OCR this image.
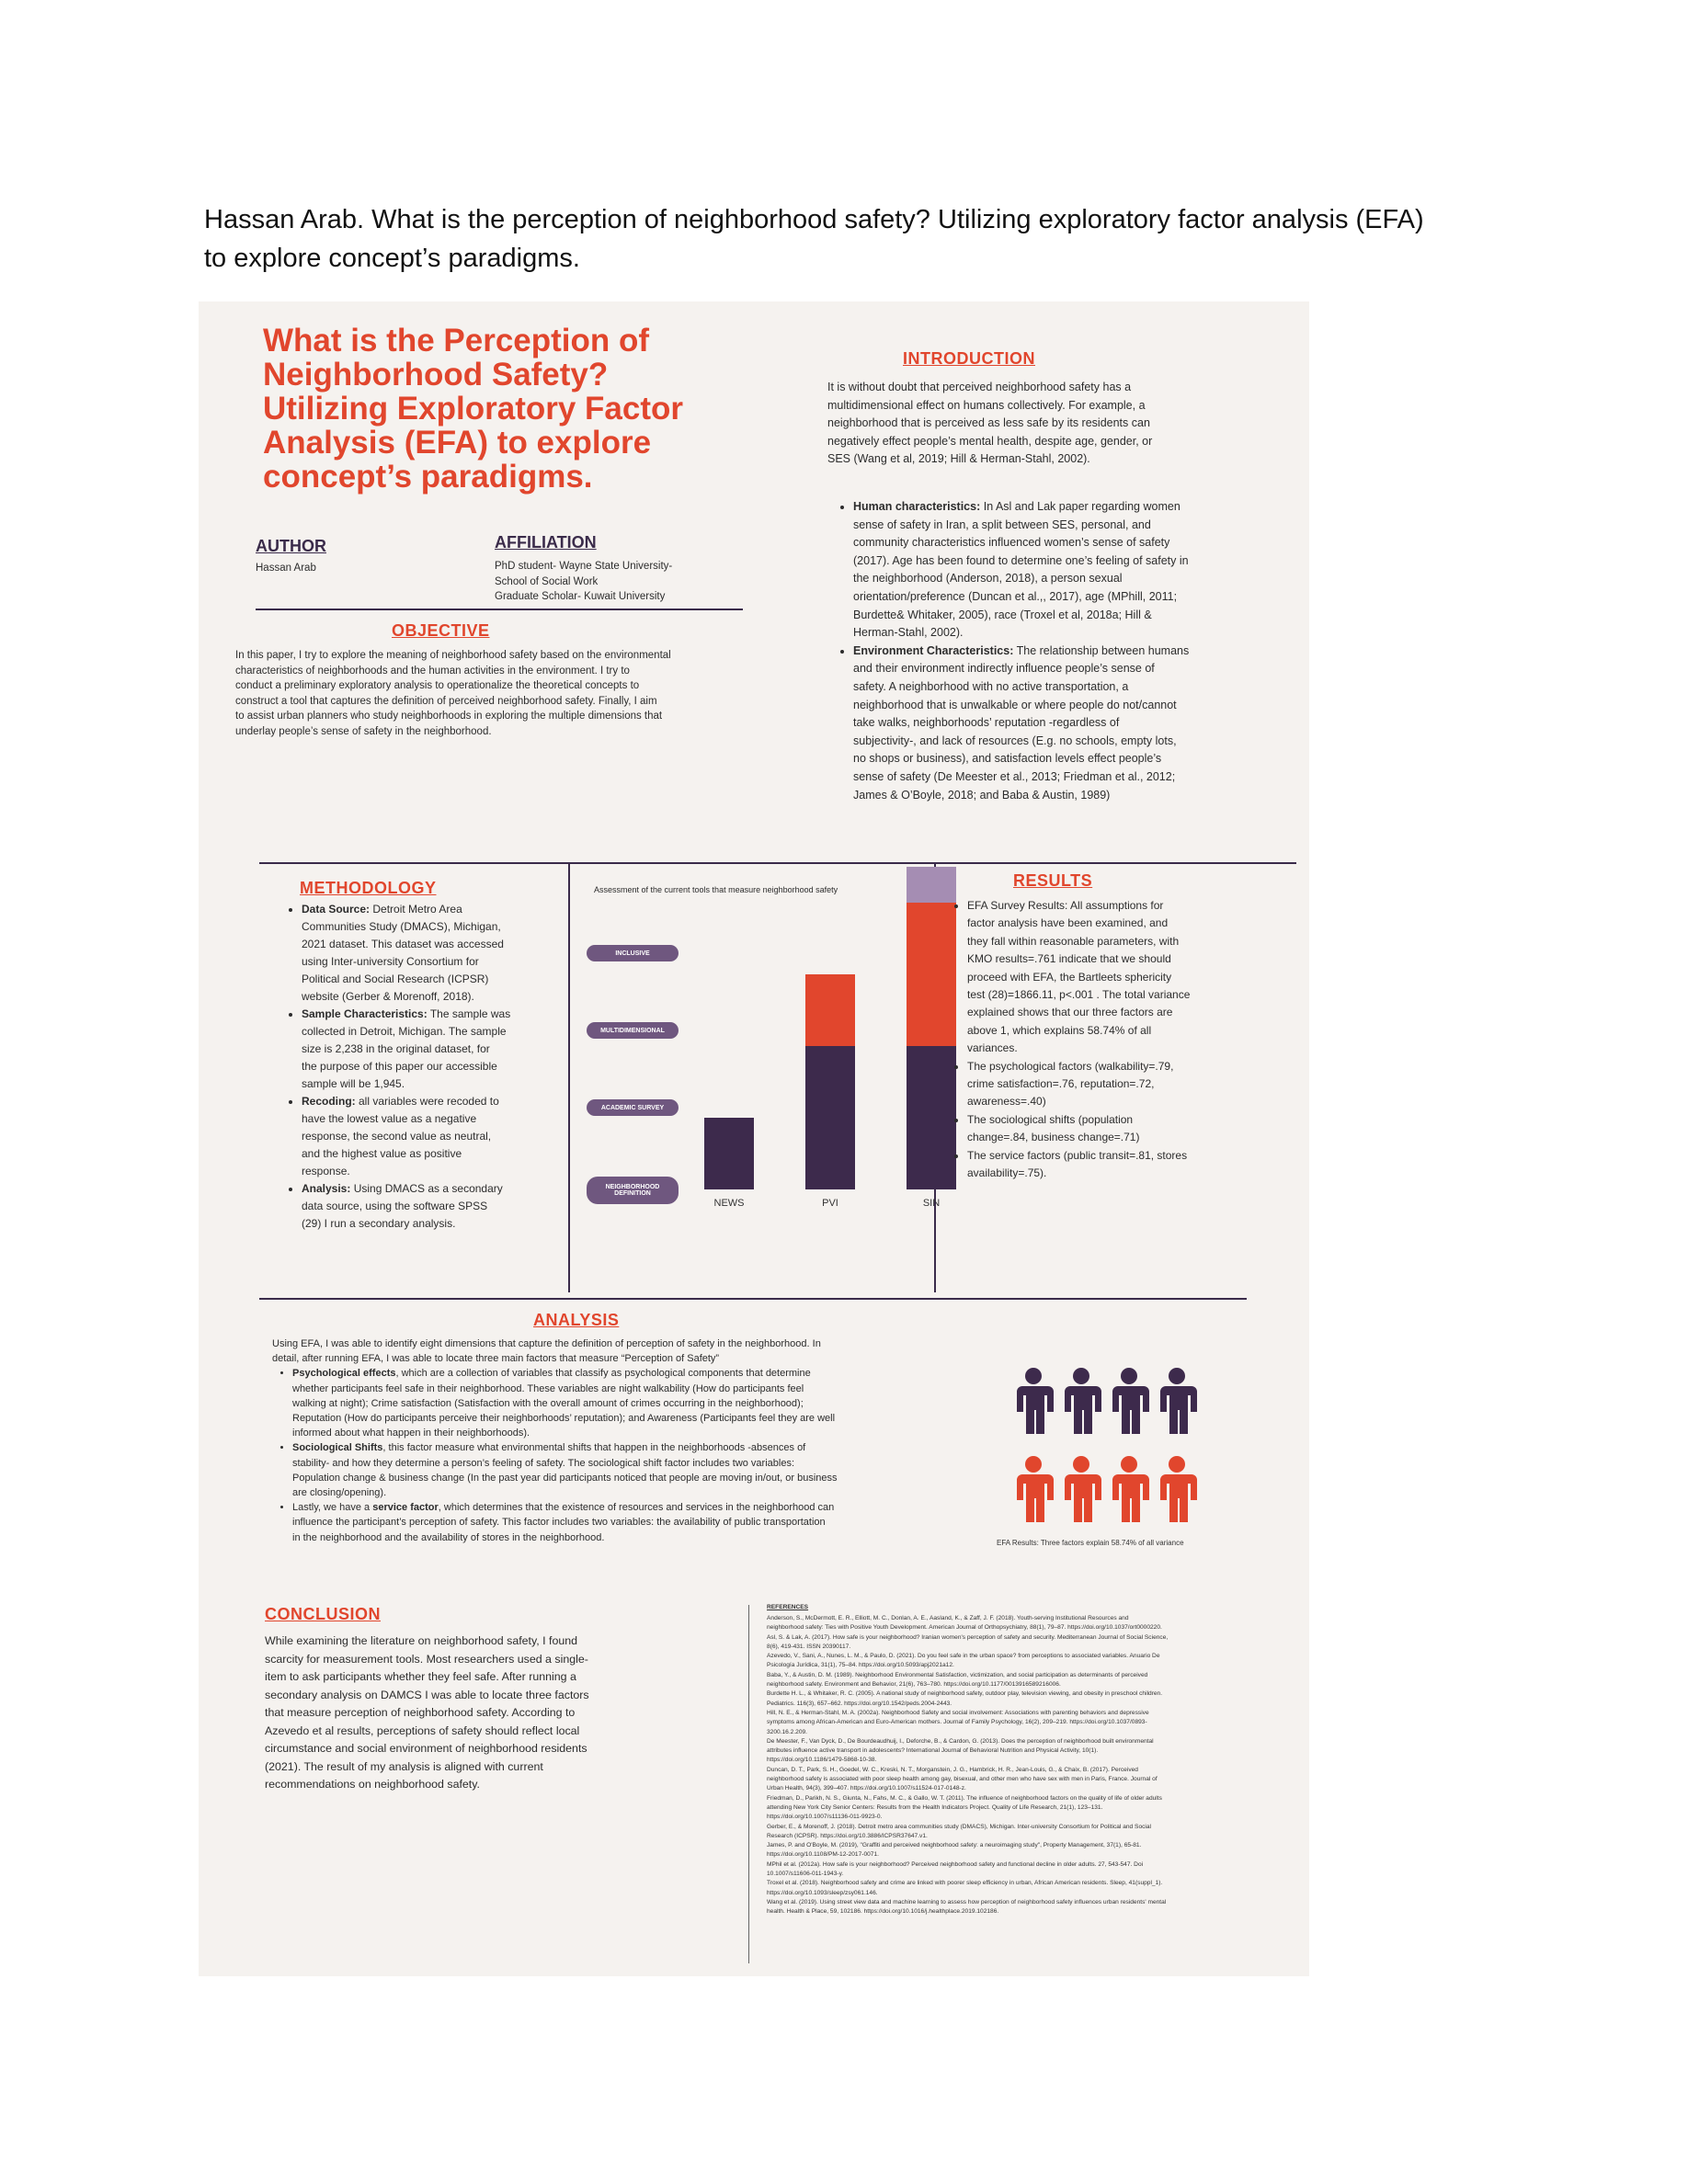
Hassan Arab. What is the perception of neighborhood safety? Utilizing exploratory factor analysis (EFA)
to explore concept’s paradigms.
What is the Perception of
Neighborhood Safety?
Utilizing Exploratory Factor
Analysis (EFA) to explore
concept’s paradigms.
AUTHOR
Hassan Arab
AFFILIATION
PhD student- Wayne State University-
School of Social Work
Graduate Scholar- Kuwait University
OBJECTIVE
In this paper, I try to explore the meaning of neighborhood safety based on the environmental
characteristics of neighborhoods and the human activities in the environment. I try to
conduct a preliminary exploratory analysis to operationalize the theoretical concepts to
construct a tool that captures the definition of perceived neighborhood safety. Finally, I aim
to assist urban planners who study neighborhoods in exploring the multiple dimensions that
underlay people’s sense of safety in the neighborhood.
INTRODUCTION
It is without doubt that perceived neighborhood safety has a
multidimensional effect on humans collectively. For example, a
neighborhood that is perceived as less safe by its residents can
negatively effect people’s mental health, despite age, gender, or
SES (Wang et al, 2019; Hill & Herman-Stahl, 2002).
• Human characteristics: In Asl and Lak paper regarding women
sense of safety in Iran, a split between SES, personal, and
community characteristics influenced women’s sense of safety
(2017). Age has been found to determine one’s feeling of safety in
the neighborhood (Anderson, 2018), a person sexual
orientation/preference (Duncan et al.,, 2017), age (MPhill, 2011;
Burdette& Whitaker, 2005), race (Troxel et al, 2018a; Hill &
Herman-Stahl, 2002).
• Environment Characteristics: The relationship between humans
and their environment indirectly influence people’s sense of
safety. A neighborhood with no active transportation, a
neighborhood that is unwalkable or where people do not/cannot
take walks, neighborhoods’ reputation -regardless of
subjectivity-, and lack of resources (E.g. no schools, empty lots,
no shops or business), and satisfaction levels effect people’s
sense of safety (De Meester et al., 2013; Friedman et al., 2012;
James & O’Boyle, 2018; and Baba & Austin, 1989)
METHODOLOGY
• Data Source: Detroit Metro Area
Communities Study (DMACS), Michigan,
2021 dataset. This dataset was accessed
using Inter-university Consortium for
Political and Social Research (ICPSR)
website (Gerber & Morenoff, 2018).
• Sample Characteristics: The sample was
collected in Detroit, Michigan. The sample
size is 2,238 in the original dataset, for
the purpose of this paper our accessible
sample will be 1,945.
• Recoding: all variables were recoded to
have the lowest value as a negative
response, the second value as neutral,
and the highest value as positive
response.
• Analysis: Using DMACS as a secondary
data source, using the software SPSS
(29) I run a secondary analysis.
Assessment of the current tools that measure neighborhood safety
NEIGHBORHOOD DEFINITION
ACADEMIC SURVEY
MULTIDIMENSIONAL
INCLUSIVE
NEWS	PVI	SIN
RESULTS
• EFA Survey Results: All assumptions for
factor analysis have been examined, and
they fall within reasonable parameters, with
KMO results=.761 indicate that we should
proceed with EFA, the Bartleets sphericity
test (28)=1866.11, p<.001 . The total variance
explained shows that our three factors are
above 1, which explains 58.74% of all
variances.
• The psychological factors (walkability=.79,
crime satisfaction=.76, reputation=.72,
awareness=.40)
• The sociological shifts (population
change=.84, business change=.71)
• The service factors (public transit=.81, stores
availability=.75).
ANALYSIS
Using EFA, I was able to identify eight dimensions that capture the definition of perception of safety in the neighborhood. In
detail, after running EFA, I was able to locate three main factors that measure “Perception of Safety”
• Psychological effects, which are a collection of variables that classify as psychological components that determine
whether participants feel safe in their neighborhood. These variables are night walkability (How do participants feel
walking at night); Crime satisfaction (Satisfaction with the overall amount of crimes occurring in the neighborhood);
Reputation (How do participants perceive their neighborhoods’ reputation); and Awareness (Participants feel they are well
informed about what happen in their neighborhoods).
• Sociological Shifts, this factor measure what environmental shifts that happen in the neighborhoods -absences of
stability- and how they determine a person’s feeling of safety. The sociological shift factor includes two variables:
Population change & business change (In the past year did participants noticed that people are moving in/out, or business
are closing/opening).
• Lastly, we have a service factor, which determines that the existence of resources and services in the neighborhood can
influence the participant’s perception of safety. This factor includes two variables: the availability of public transportation
in the neighborhood and the availability of stores in the neighborhood.	EFA Results: Three factors explain 58.74% of all variance
CONCLUSION
While examining the literature on neighborhood safety, I found
scarcity for measurement tools. Most researchers used a single-
item to ask participants whether they feel safe. After running a
secondary analysis on DAMCS I was able to locate three factors
that measure perception of neighborhood safety. According to
Azevedo et al results, perceptions of safety should reflect local
circumstance and social environment of neighborhood residents
(2021). The result of my analysis is aligned with current
recommendations on neighborhood safety.
REFERENCES
Anderson, S., McDermott, E. R., Elliott, M. C., Donlan, A. E., Aasland, K., & Zaff, J. F. (2018). Youth-serving Institutional Resources and
neighborhood safety: Ties with Positive Youth Development. American Journal of Orthopsychiatry, 88(1), 79–87. https://doi.org/10.1037/ort0000220.
Asl, S. & Lak, A. (2017). How safe is your neighborhood? Iranian women's perception of safety and security. Mediterranean Journal of Social Science,
8(6), 419-431. ISSN 20390117.
Azevedo, V., Sani, A., Nunes, L. M., & Paulo, D. (2021). Do you feel safe in the urban space? from perceptions to associated variables. Anuario De
Psicología Jurídica, 31(1), 75–84. https://doi.org/10.5093/apj2021a12.
Baba, Y., & Austin, D. M. (1989). Neighborhood Environmental Satisfaction, victimization, and social participation as determinants of perceived
neighborhood safety. Environment and Behavior, 21(6), 763–780. https://doi.org/10.1177/0013916589216006.
Burdette H. L., & Whitaker, R. C. (2005). A national study of neighborhood safety, outdoor play, television viewing, and obesity in preschool children.
Pediatrics. 116(3), 657–662. https://doi.org/10.1542/peds.2004-2443.
Hill, N. E., & Herman-Stahl, M. A. (2002a). Neighborhood Safety and social involvement: Associations with parenting behaviors and depressive
symptoms among African-American and Euro-American mothers. Journal of Family Psychology, 16(2), 209–219. https://doi.org/10.1037/0893-
3200.16.2.209.
De Meester, F., Van Dyck, D., De Bourdeaudhuij, I., Deforche, B., & Cardon, G. (2013). Does the perception of neighborhood built environmental
attributes influence active transport in adolescents? International Journal of Behavioral Nutrition and Physical Activity, 10(1).
https://doi.org/10.1186/1479-5868-10-38.
Duncan, D. T., Park, S. H., Goedel, W. C., Kreski, N. T., Morganstein, J. G., Hambrick, H. R., Jean-Louis, G., & Chaix, B. (2017). Perceived
neighborhood safety is associated with poor sleep health among gay, bisexual, and other men who have sex with men in Paris, France. Journal of
Urban Health, 94(3), 399–407. https://doi.org/10.1007/s11524-017-0148-z.
Friedman, D., Parikh, N. S., Giunta, N., Fahs, M. C., & Gallo, W. T. (2011). The influence of neighborhood factors on the quality of life of older adults
attending New York City Senior Centers: Results from the Health Indicators Project. Quality of Life Research, 21(1), 123–131.
https://doi.org/10.1007/s11136-011-9923-0.
Gerber, E., & Morenoff, J. (2018). Detroit metro area communities study (DMACS), Michigan. Inter-university Consortium for Political and Social
Research (ICPSR). https://doi.org/10.3886/ICPSR37647.v1.
James, P. and O'Boyle, M. (2019), "Graffiti and perceived neighborhood safety: a neuroimaging study", Property Management, 37(1), 65-81.
https://doi.org/10.1108/PM-12-2017-0071.
MPhil et al. (2012a). How safe is your neighborhood? Perceived neighborhood safety and functional decline in older adults. 27, 543-547. Doi
10.1007/s11606-011-1943-y.
Troxel et al. (2018). Neighborhood safety and crime are linked with poorer sleep efficiency in urban, African American residents. Sleep, 41(suppl_1).
https://doi.org/10.1093/sleep/zsy061.146.
Wang et al. (2019). Using street view data and machine learning to assess how perception of neighborhood safety influences urban residents' mental
health. Health & Place, 59, 102186. https://doi.org/10.1016/j.healthplace.2019.102186.
